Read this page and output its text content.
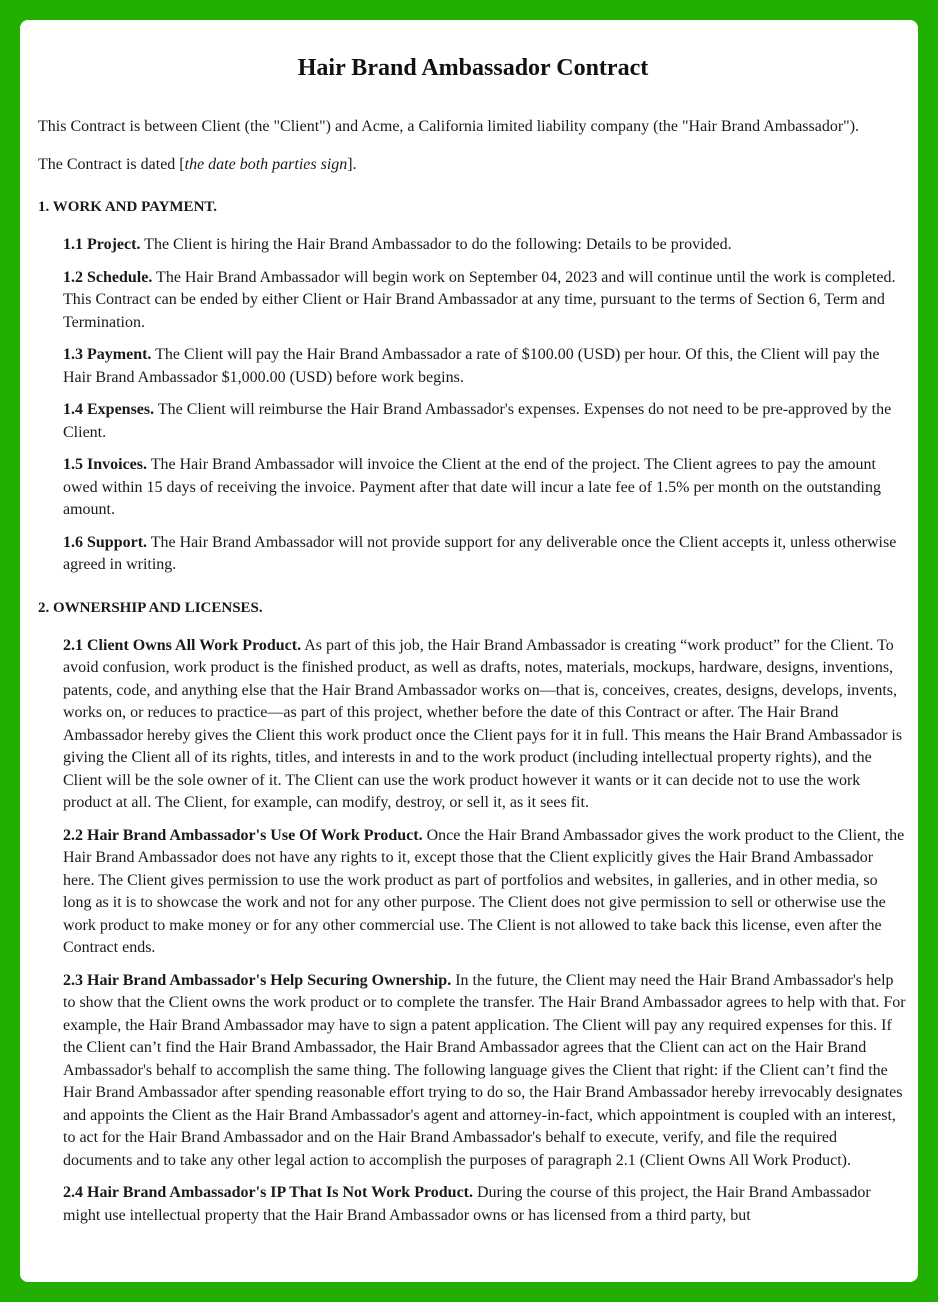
Hair Brand Ambassador Contract

This Contract is between Client (the "Client") and Acme, a California limited liability company (the "Hair Brand Ambassador").

The Contract is dated [the date both parties sign].

1. WORK AND PAYMENT.

1.1 Project. The Client is hiring the Hair Brand Ambassador to do the following: Details to be provided.

1.2 Schedule. The Hair Brand Ambassador will begin work on September 04, 2023 and will continue until the work is completed. This Contract can be ended by either Client or Hair Brand Ambassador at any time, pursuant to the terms of Section 6, Term and Termination.

1.3 Payment. The Client will pay the Hair Brand Ambassador a rate of $100.00 (USD) per hour. Of this, the Client will pay the Hair Brand Ambassador $1,000.00 (USD) before work begins.

1.4 Expenses. The Client will reimburse the Hair Brand Ambassador's expenses. Expenses do not need to be pre-approved by the Client.

1.5 Invoices. The Hair Brand Ambassador will invoice the Client at the end of the project. The Client agrees to pay the amount owed within 15 days of receiving the invoice. Payment after that date will incur a late fee of 1.5% per month on the outstanding amount.

1.6 Support. The Hair Brand Ambassador will not provide support for any deliverable once the Client accepts it, unless otherwise agreed in writing.

2. OWNERSHIP AND LICENSES.

2.1 Client Owns All Work Product. As part of this job, the Hair Brand Ambassador is creating “work product” for the Client. To avoid confusion, work product is the finished product, as well as drafts, notes, materials, mockups, hardware, designs, inventions, patents, code, and anything else that the Hair Brand Ambassador works on—that is, conceives, creates, designs, develops, invents, works on, or reduces to practice—as part of this project, whether before the date of this Contract or after. The Hair Brand Ambassador hereby gives the Client this work product once the Client pays for it in full. This means the Hair Brand Ambassador is giving the Client all of its rights, titles, and interests in and to the work product (including intellectual property rights), and the Client will be the sole owner of it. The Client can use the work product however it wants or it can decide not to use the work product at all. The Client, for example, can modify, destroy, or sell it, as it sees fit.

2.2 Hair Brand Ambassador's Use Of Work Product. Once the Hair Brand Ambassador gives the work product to the Client, the Hair Brand Ambassador does not have any rights to it, except those that the Client explicitly gives the Hair Brand Ambassador here. The Client gives permission to use the work product as part of portfolios and websites, in galleries, and in other media, so long as it is to showcase the work and not for any other purpose. The Client does not give permission to sell or otherwise use the work product to make money or for any other commercial use. The Client is not allowed to take back this license, even after the Contract ends.

2.3 Hair Brand Ambassador's Help Securing Ownership. In the future, the Client may need the Hair Brand Ambassador's help to show that the Client owns the work product or to complete the transfer. The Hair Brand Ambassador agrees to help with that. For example, the Hair Brand Ambassador may have to sign a patent application. The Client will pay any required expenses for this. If the Client can’t find the Hair Brand Ambassador, the Hair Brand Ambassador agrees that the Client can act on the Hair Brand Ambassador's behalf to accomplish the same thing. The following language gives the Client that right: if the Client can’t find the Hair Brand Ambassador after spending reasonable effort trying to do so, the Hair Brand Ambassador hereby irrevocably designates and appoints the Client as the Hair Brand Ambassador's agent and attorney-in-fact, which appointment is coupled with an interest, to act for the Hair Brand Ambassador and on the Hair Brand Ambassador's behalf to execute, verify, and file the required documents and to take any other legal action to accomplish the purposes of paragraph 2.1 (Client Owns All Work Product).

2.4 Hair Brand Ambassador's IP That Is Not Work Product. During the course of this project, the Hair Brand Ambassador might use intellectual property that the Hair Brand Ambassador owns or has licensed from a third party, but
